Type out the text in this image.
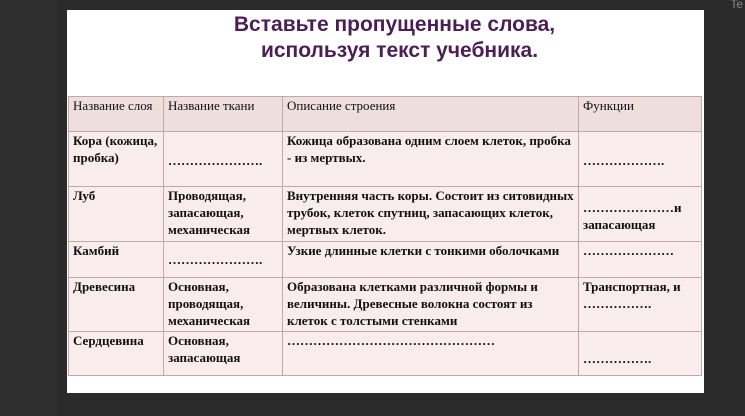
Te
Вставьте пропущенные слова,
используя текст учебника.
Название слоя	Название ткани	Описание строения	Функции
Кора (кожица, пробка)	………………….	Кожица образована одним слоем клеток, пробка - из мертвых.	……………….

Луб	Проводящая, запасающая, механическая	Внутренняя часть коры. Состоит из ситовидных трубок, клеток спутниц, запасающих клеток, мертвых клеток.	…………………и запасающая

Камбий	………………….	Узкие длинные клетки с тонкими оболочками	…………………
Древесина	Основная, проводящая, механическая	Образована клетками различной формы и величины. Древесные волокна состоят из клеток с толстыми стенками	Транспортная, и …………….
Сердцевина	Основная, запасающая	…………………………………………	…………….
